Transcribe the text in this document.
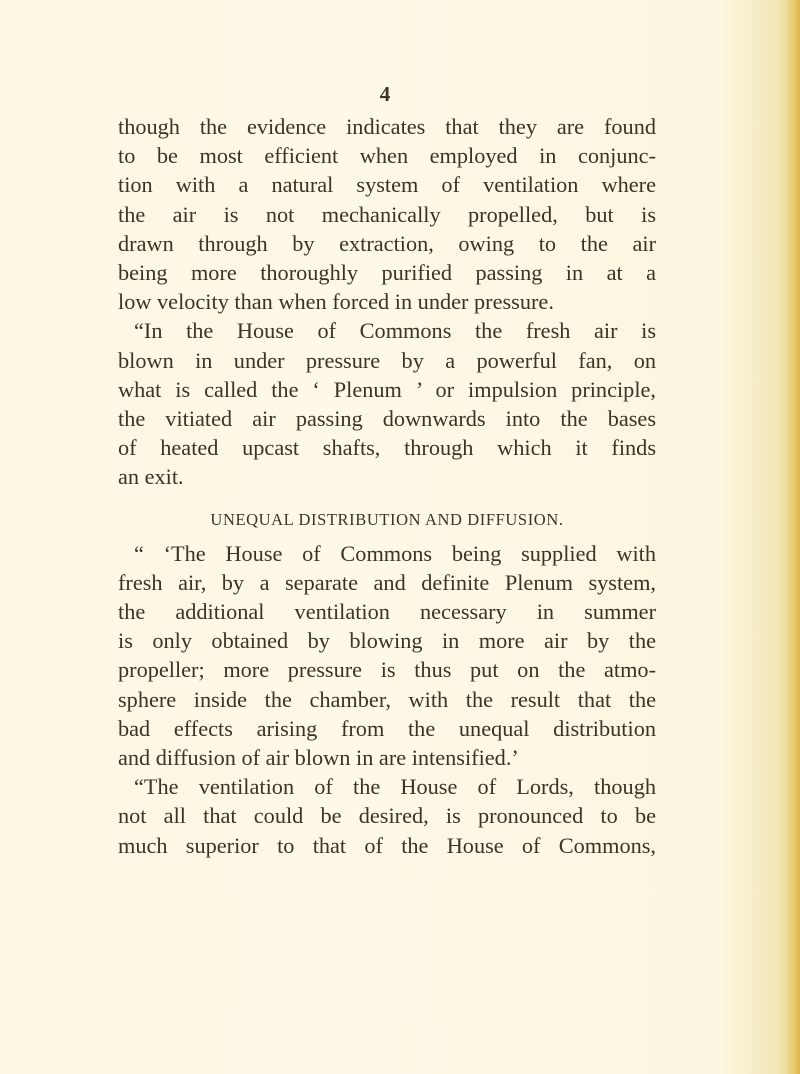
4
though the evidence indicates that they are found
to be most efficient when employed in conjunc-
tion with a natural system of ventilation where
the air is not mechanically propelled, but is
drawn through by extraction, owing to the air
being more thoroughly purified passing in at a
low velocity than when forced in under pressure.
“In the House of Commons the fresh air is
blown in under pressure by a powerful fan, on
what is called the ‘ Plenum ’ or impulsion principle,
the vitiated air passing downwards into the bases
of heated upcast shafts, through which it finds
an exit.
UNEQUAL DISTRIBUTION AND DIFFUSION.
“ ‘The House of Commons being supplied with
fresh air, by a separate and definite Plenum system,
the additional ventilation necessary in summer
is only obtained by blowing in more air by the
propeller; more pressure is thus put on the atmo-
sphere inside the chamber, with the result that the
bad effects arising from the unequal distribution
and diffusion of air blown in are intensified.’
“The ventilation of the House of Lords, though
not all that could be desired, is pronounced to be
much superior to that of the House of Commons,
